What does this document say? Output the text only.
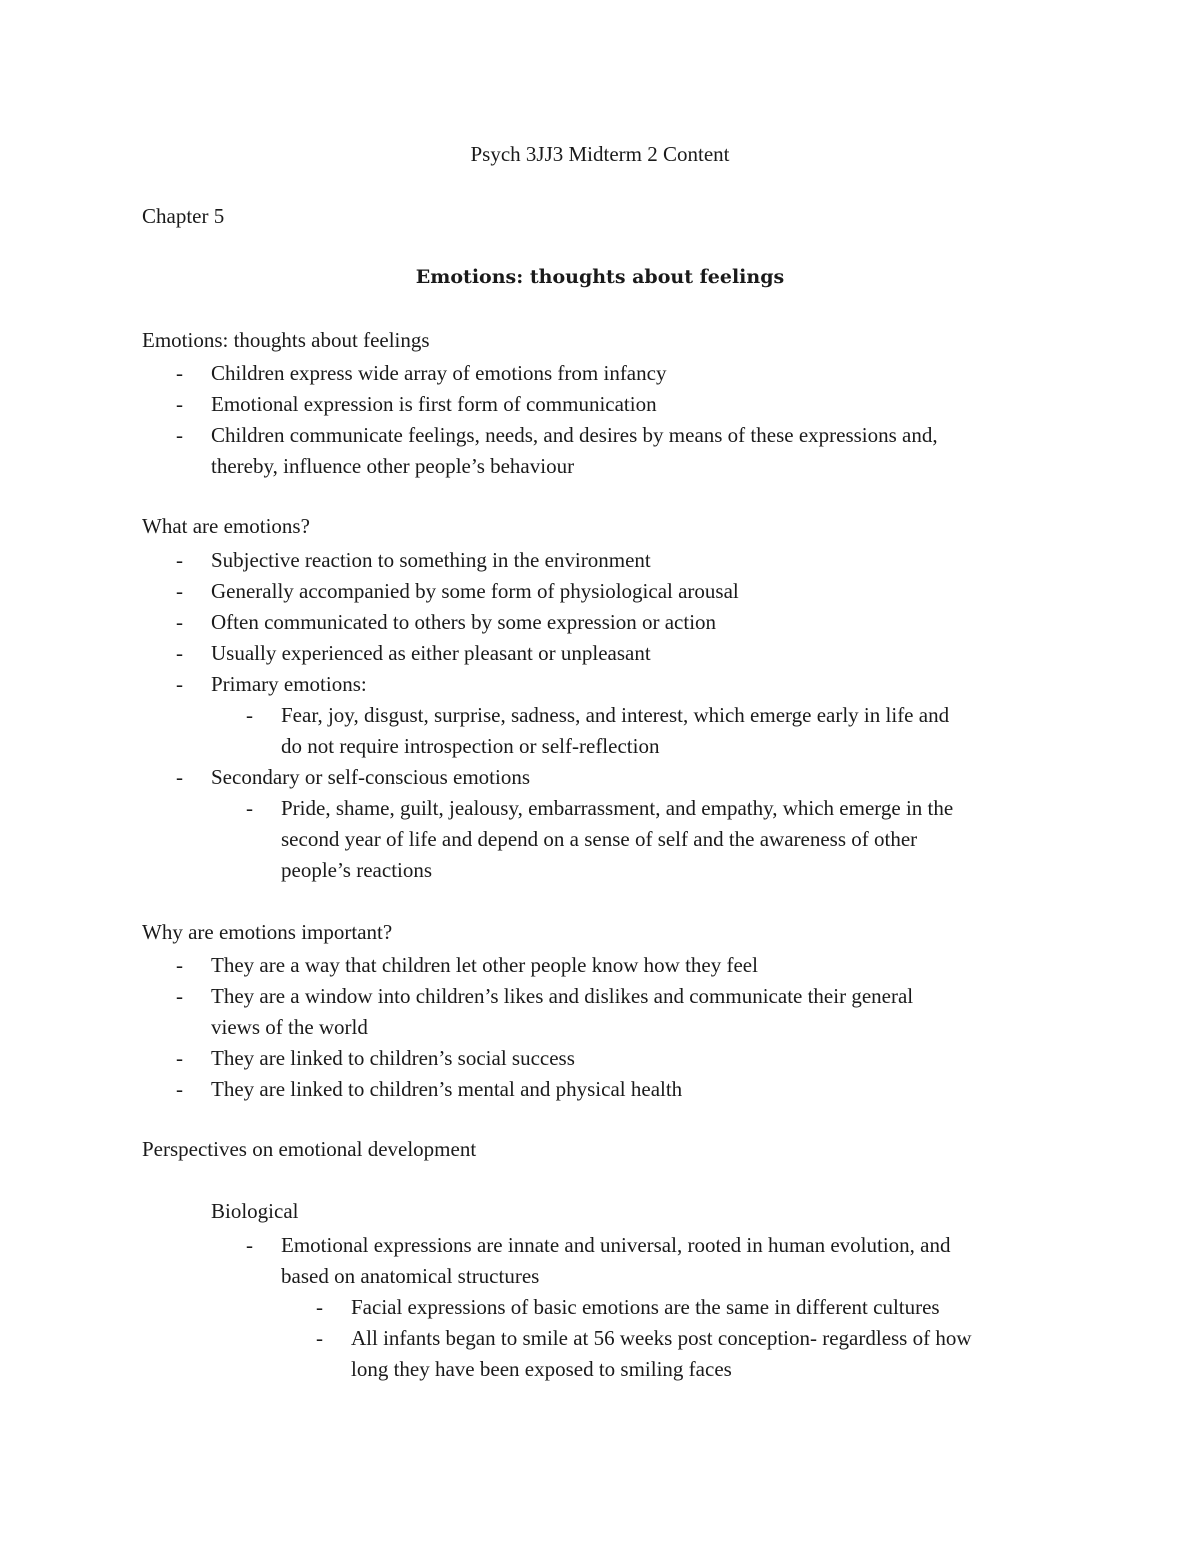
Psych 3JJ3 Midterm 2 Content

Chapter 5

Emotions: thoughts about feelings

Emotions: thoughts about feelings

- Children express wide array of emotions from infancy
- Emotional expression is first form of communication
- Children communicate feelings, needs, and desires by means of these expressions and,
thereby, influence other people’s behaviour

What are emotions?

- Subjective reaction to something in the environment
- Generally accompanied by some form of physiological arousal
- Often communicated to others by some expression or action
- Usually experienced as either pleasant or unpleasant
- Primary emotions:
- Fear, joy, disgust, surprise, sadness, and interest, which emerge early in life and
do not require introspection or self-reflection
- Secondary or self-conscious emotions
- Pride, shame, guilt, jealousy, embarrassment, and empathy, which emerge in the
second year of life and depend on a sense of self and the awareness of other
people’s reactions

Why are emotions important?

- They are a way that children let other people know how they feel
- They are a window into children’s likes and dislikes and communicate their general
views of the world
- They are linked to children’s social success
- They are linked to children’s mental and physical health

Perspectives on emotional development

Biological

- Emotional expressions are innate and universal, rooted in human evolution, and
based on anatomical structures
- Facial expressions of basic emotions are the same in different cultures
- All infants began to smile at 56 weeks post conception- regardless of how
long they have been exposed to smiling faces
